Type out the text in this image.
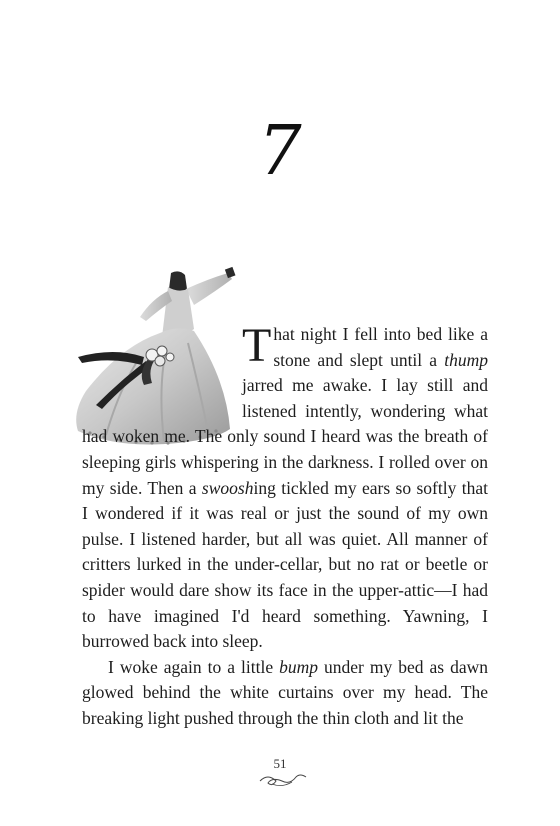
7

That night I fell into bed like a stone and slept until a thump jarred me awake. I lay still and listened intently, wondering what had woken me. The only sound I heard was the breath of sleeping girls whispering in the darkness. I rolled over on my side. Then a swooshing tickled my ears so softly that I wondered if it was real or just the sound of my own pulse. I listened harder, but all was quiet. All manner of critters lurked in the under-cellar, but no rat or beetle or spider would dare show its face in the upper-attic—I had to have imagined I'd heard something. Yawning, I burrowed back into sleep.

I woke again to a little bump under my bed as dawn glowed behind the white curtains over my head. The breaking light pushed through the thin cloth and lit the

51
